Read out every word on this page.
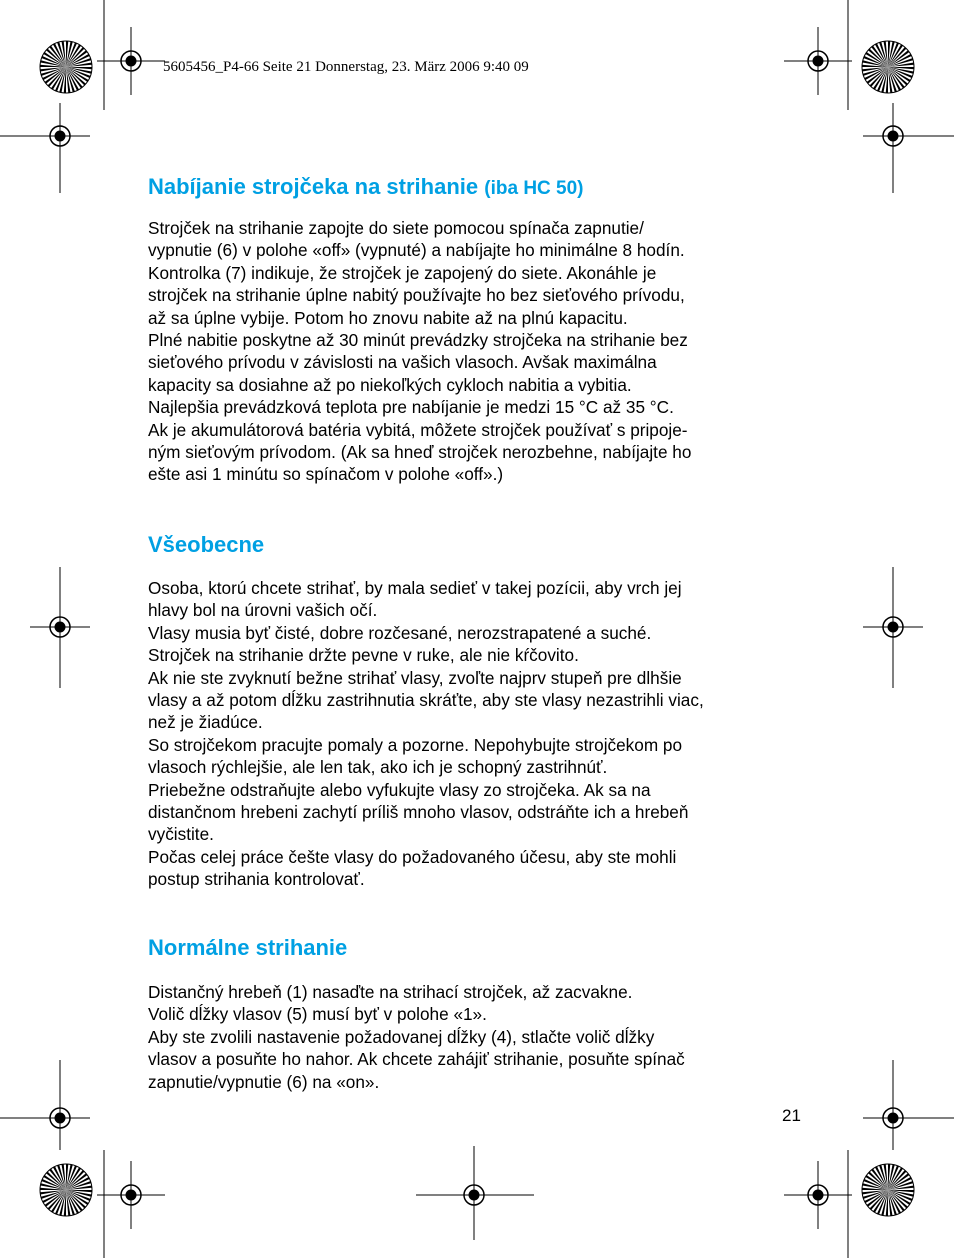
5605456_P4-66 Seite 21 Donnerstag, 23. März 2006 9:40 09
Nabíjanie strojčeka na strihanie (iba HC 50)
Strojček na strihanie zapojte do siete pomocou spínača zapnutie/
vypnutie (6) v polohe «off» (vypnuté) a nabíjajte ho minimálne 8 hodín.
Kontrolka (7) indikuje, že strojček je zapojený do siete. Akonáhle je
strojček na strihanie úplne nabitý používajte ho bez sieťového prívodu,
až sa úplne vybije. Potom ho znovu nabite až na plnú kapacitu.
Plné nabitie poskytne až 30 minút prevádzky strojčeka na strihanie bez
sieťového prívodu v závislosti na vašich vlasoch. Avšak maximálna
kapacity sa dosiahne až po niekoľkých cykloch nabitia a vybitia.
Najlepšia prevádzková teplota pre nabíjanie je medzi 15 °C až 35 °C.
Ak je akumulátorová batéria vybitá, môžete strojček používať s pripoje-
ným sieťovým prívodom. (Ak sa hneď strojček nerozbehne, nabíjajte ho
ešte asi 1 minútu so spínačom v polohe «off».)
Všeobecne
Osoba, ktorú chcete strihať, by mala sedieť v takej pozícii, aby vrch jej
hlavy bol na úrovni vašich očí.
Vlasy musia byť čisté, dobre rozčesané, nerozstrapatené a suché.
Strojček na strihanie držte pevne v ruke, ale nie kŕčovito.
Ak nie ste zvyknutí bežne strihať vlasy, zvoľte najprv stupeň pre dlhšie
vlasy a až potom dĺžku zastrihnutia skráťte, aby ste vlasy nezastrihli viac,
než je žiadúce.
So strojčekom pracujte pomaly a pozorne. Nepohybujte strojčekom po
vlasoch rýchlejšie, ale len tak, ako ich je schopný zastrihnúť.
Priebežne odstraňujte alebo vyfukujte vlasy zo strojčeka. Ak sa na
distančnom hrebeni zachytí príliš mnoho vlasov, odstráňte ich a hrebeň
vyčistite.
Počas celej práce češte vlasy do požadovaného účesu, aby ste mohli
postup strihania kontrolovať.
Normálne strihanie
Distančný hrebeň (1) nasaďte na strihací strojček, až zacvakne.
Volič dĺžky vlasov (5) musí byť v polohe «1».
Aby ste zvolili nastavenie požadovanej dĺžky (4), stlačte volič dĺžky
vlasov a posuňte ho nahor. Ak chcete zahájiť strihanie, posuňte spínač
zapnutie/vypnutie (6) na «on».
21
